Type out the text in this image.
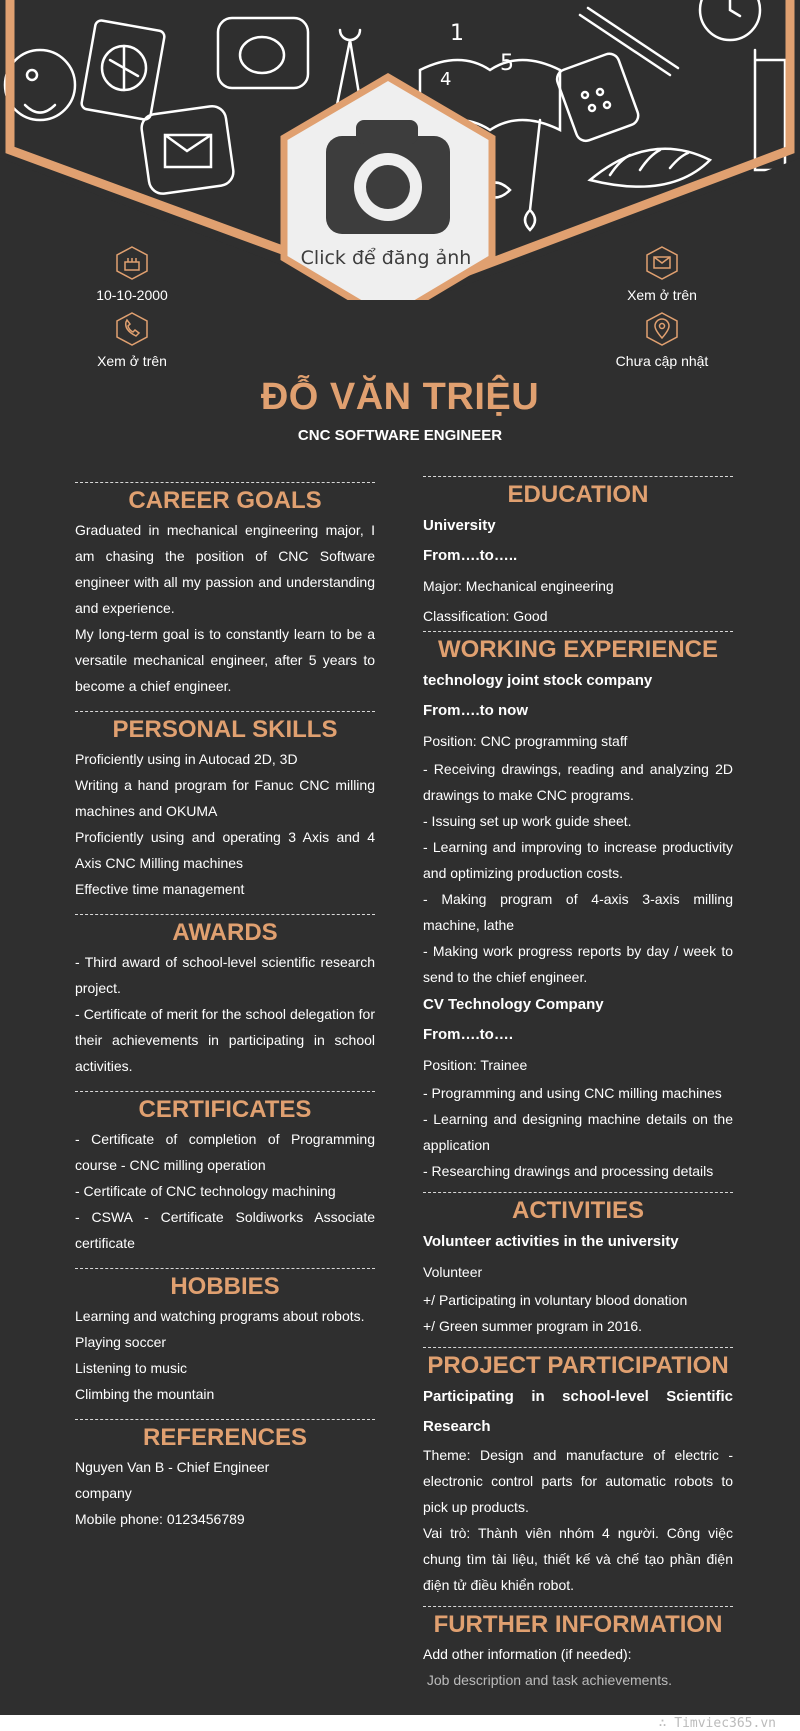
1
5
4
Click để đăng ảnh
10-10-2000
Xem ở trên
Xem ở trên
Chưa cập nhật
ĐỖ VĂN TRIỆU
CNC SOFTWARE ENGINEER
CAREER GOALS

Graduated in mechanical engineering major, I am chasing the position of CNC Software engineer with all my passion and understanding and experience.

My long-term goal is to constantly learn to be a versatile mechanical engineer, after 5 years to become a chief engineer.

PERSONAL SKILLS

Proficiently using in Autocad 2D, 3D

Writing a hand program for Fanuc CNC milling machines and OKUMA

Proficiently using and operating 3 Axis and 4 Axis CNC Milling machines

Effective time management

AWARDS

- Third award of school-level scientific research project.

- Certificate of merit for the school delegation for their achievements in participating in school activities.

CERTIFICATES

- Certificate of completion of Programming course - CNC milling operation

- Certificate of CNC technology machining

- CSWA - Certificate Soldiworks Associate certificate

HOBBIES

Learning and watching programs about robots.

Playing soccer

Listening to music

Climbing the mountain

REFERENCES

Nguyen Van B - Chief Engineer

company

Mobile phone: 0123456789

EDUCATION

University

From….to…..

Major: Mechanical engineering

Classification: Good

WORKING EXPERIENCE

technology joint stock company

From….to now

Position: CNC programming staff

- Receiving drawings, reading and analyzing 2D drawings to make CNC programs.

- Issuing set up work guide sheet.

- Learning and improving to increase productivity and optimizing production costs.

- Making program of 4-axis 3-axis milling machine, lathe

- Making work progress reports by day / week to send to the chief engineer.

CV Technology Company

From….to….

Position: Trainee

- Programming and using CNC milling machines

- Learning and designing machine details on the application

- Researching drawings and processing details

ACTIVITIES

Volunteer activities in the university

Volunteer

+/ Participating in voluntary blood donation

+/ Green summer program in 2016.

PROJECT PARTICIPATION

Participating in school-level Scientific Research

Theme: Design and manufacture of electric - electronic control parts for automatic robots to pick up products.

Vai trò: Thành viên nhóm 4 người. Công việc chung tìm tài liệu, thiết kế và chế tạo phần điện điện tử điều khiển robot.

FURTHER INFORMATION

Add other information (if needed):

Job description and task achievements.

∴ Timviec365.vn
